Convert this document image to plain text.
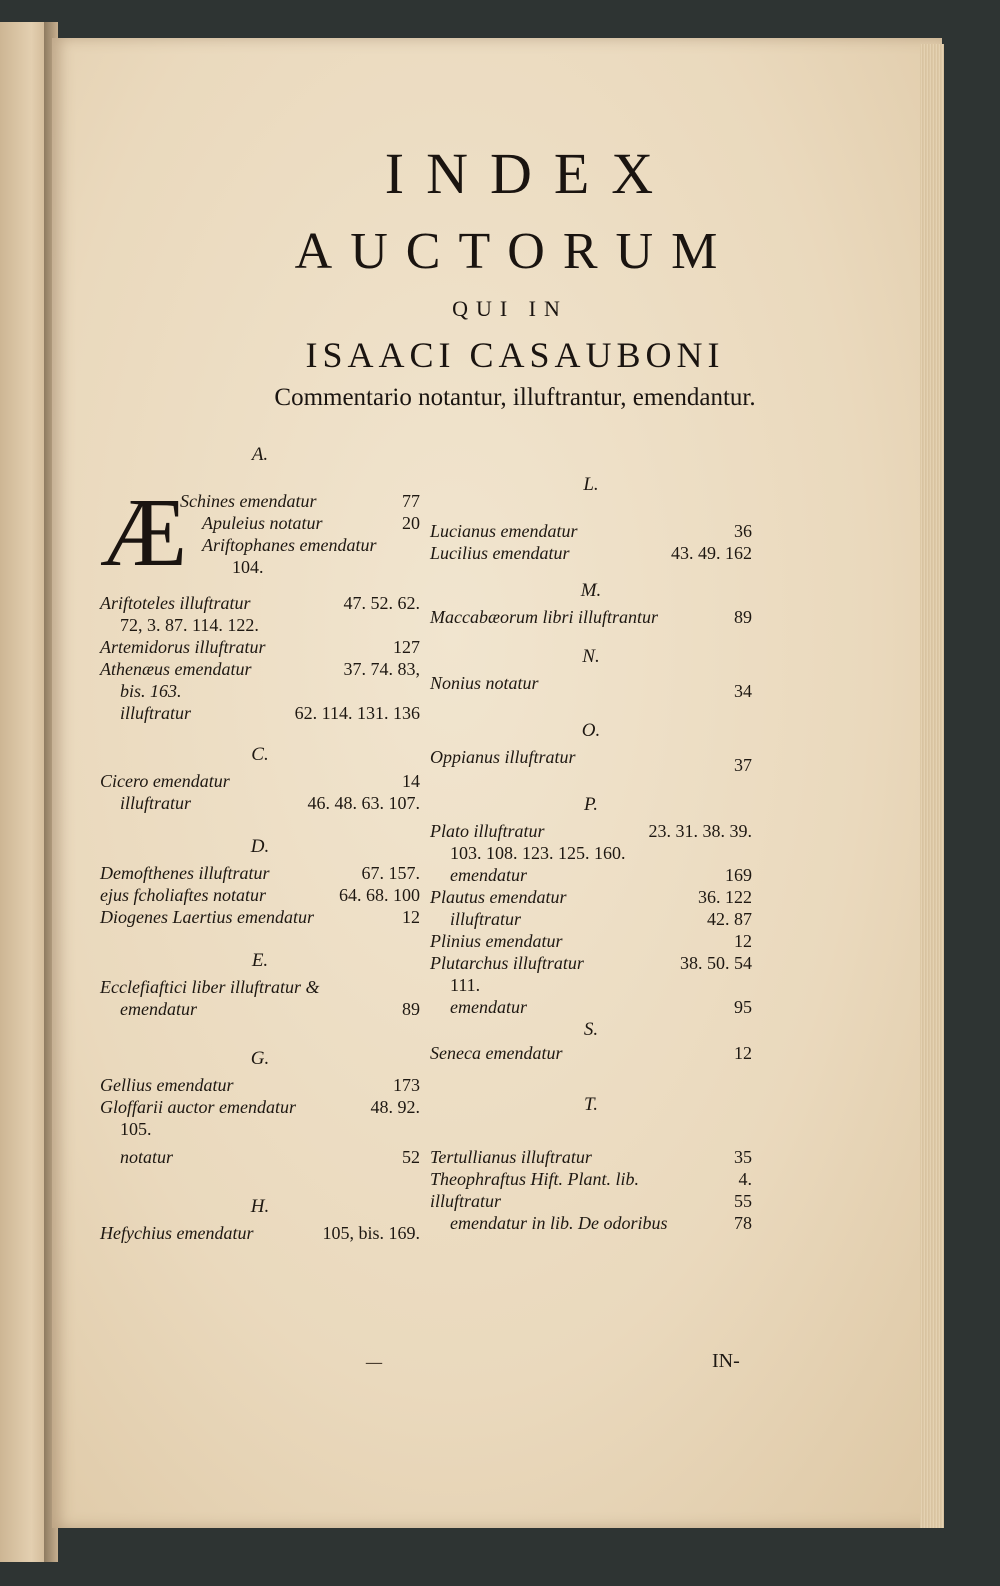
INDEX
AUCTORUM
QUI IN
ISAACI CASAUBONI
Commentario notantur, illuftrantur, emendantur.
A.
Æ
Schines emendatur	77
Apuleius notatur	20
Ariftophanes emendatur
104.
Ariftoteles illuftratur	47. 52. 62.
72, 3. 87. 114. 122.
Artemidorus illuftratur	127
Athenæus emendatur	37. 74. 83,
bis. 163.
illuftratur	62. 114. 131. 136
C.
Cicero emendatur	14
illuftratur	46. 48. 63. 107.
D.
Demofthenes illuftratur	67. 157.
ejus fcholiaftes notatur	64. 68. 100
Diogenes Laertius emendatur	12
E.
Ecclefiaftici liber illuftratur &
emendatur	89
G.
Gellius emendatur	173
Gloffarii auctor emendatur	48. 92.
105.
notatur	52
H.
Hefychius emendatur	105, bis. 169.
L.
Lucianus emendatur	36
Lucilius emendatur	43. 49. 162
M.
Maccabæorum libri illuftrantur	89
N.
Nonius notatur	34
O.
Oppianus illuftratur	37
P.
Plato illuftratur	23. 31. 38. 39.
103. 108. 123. 125. 160.
emendatur	169
Plautus emendatur	36. 122
illuftratur	42. 87
Plinius emendatur	12
Plutarchus illuftratur	38. 50. 54
111.
emendatur	95
S.
Seneca emendatur	12
T.
Tertullianus illuftratur	35
Theophraftus Hift. Plant. lib.	4.
illuftratur	55
emendatur in lib. De odoribus	78
—	IN-
